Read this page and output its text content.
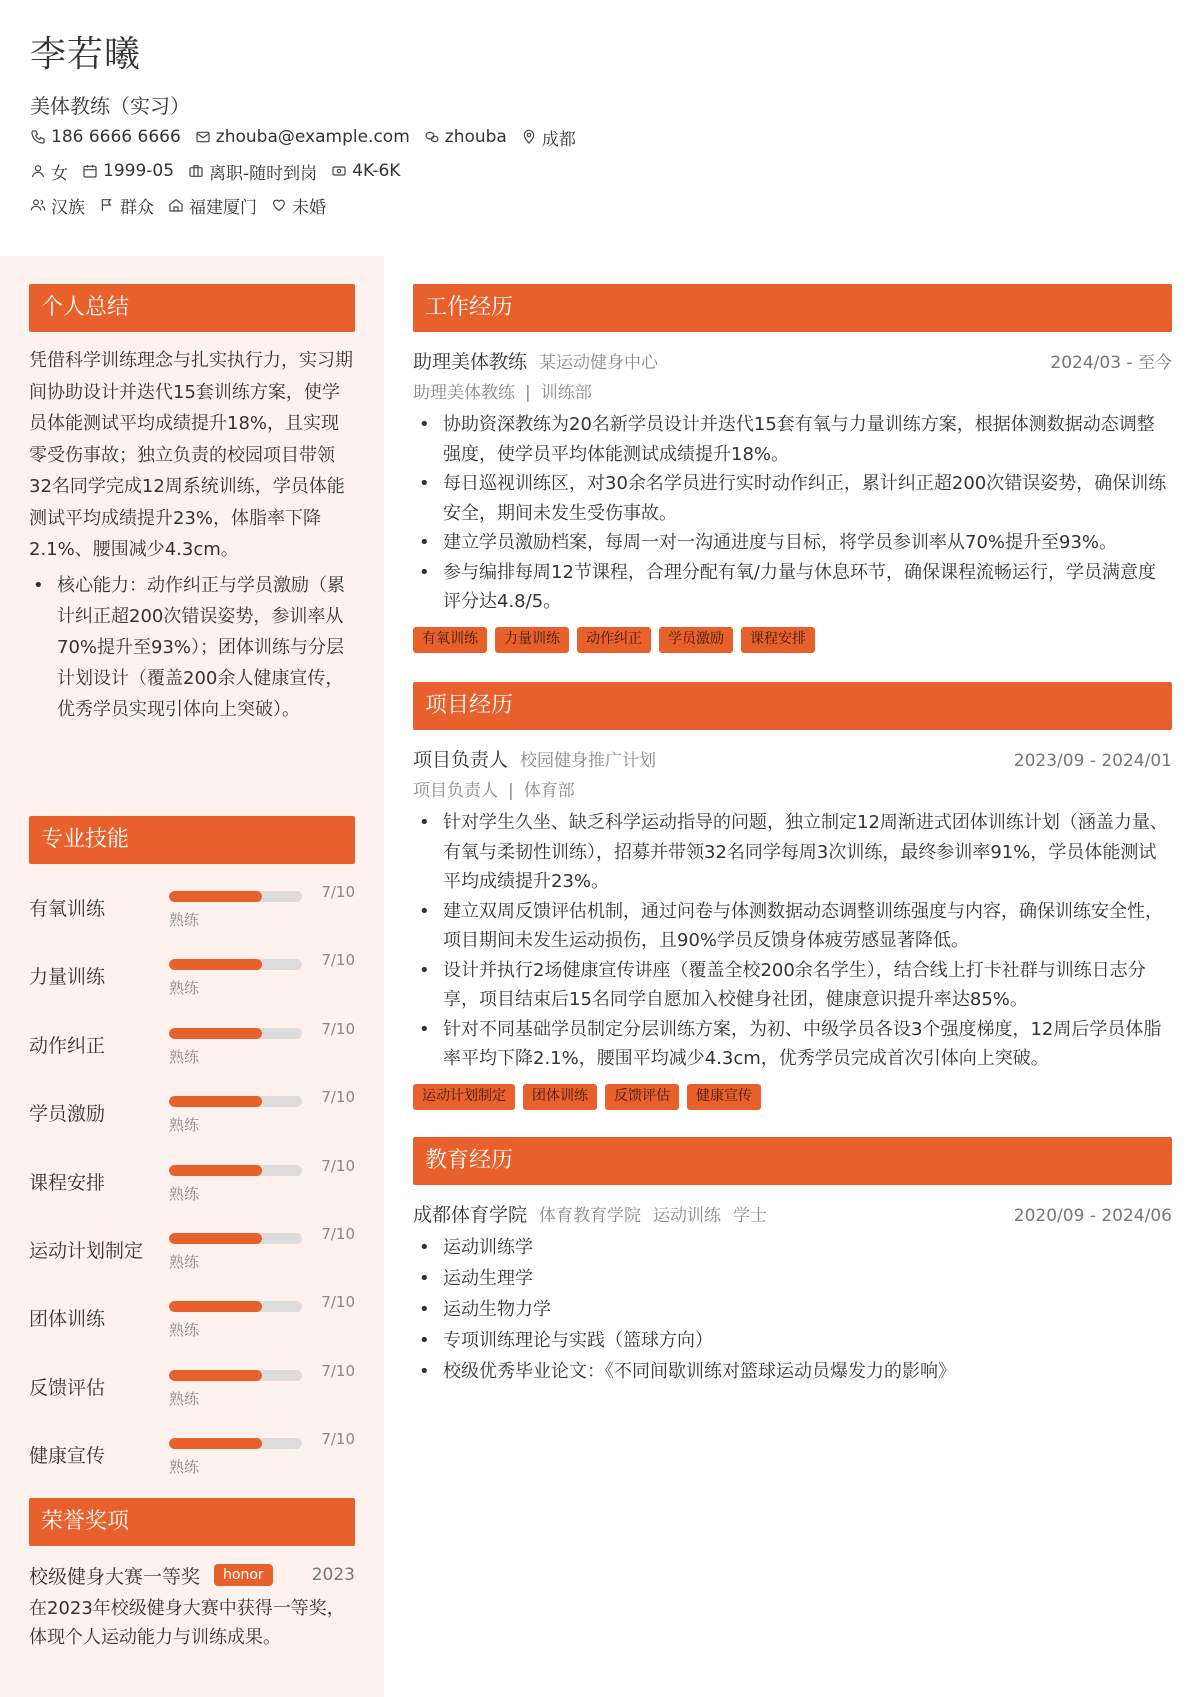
李若曦
美体教练（实习）
186 6666 6666 zhouba@example.com zhouba 成都
女 1999-05 离职-随时到岗 4K-6K
汉族 群众 福建厦门 未婚
个人总结
凭借科学训练理念与扎实执行力，实习期间协助设计并迭代15套训练方案，使学员体能测试平均成绩提升18%，且实现零受伤事故；独立负责的校园项目带领32名同学完成12周系统训练，学员体能测试平均成绩提升23%，体脂率下降2.1%、腰围减少4.3cm。
• 核心能力：动作纠正与学员激励（累计纠正超200次错误姿势，参训率从70%提升至93%）；团体训练与分层计划设计（覆盖200余人健康宣传，优秀学员实现引体向上突破）。
专业技能
有氧训练
7/10
熟练
力量训练
7/10
熟练
动作纠正
7/10
熟练
学员激励
7/10
熟练
课程安排
7/10
熟练
运动计划制定
7/10
熟练
团体训练
7/10
熟练
反馈评估
7/10
熟练
健康宣传
7/10
熟练
荣誉奖项
校级健身大赛一等奖	honor	2023
在2023年校级健身大赛中获得一等奖，体现个人运动能力与训练成果。
工作经历
助理美体教练 某运动健身中心	2024/03 - 至今
助理美体教练 | 训练部
• 协助资深教练为20名新学员设计并迭代15套有氧与力量训练方案，根据体测数据动态调整强度，使学员平均体能测试成绩提升18%。
• 每日巡视训练区，对30余名学员进行实时动作纠正，累计纠正超200次错误姿势，确保训练安全，期间未发生受伤事故。
• 建立学员激励档案，每周一对一沟通进度与目标，将学员参训率从70%提升至93%。
• 参与编排每周12节课程，合理分配有氧/力量与休息环节，确保课程流畅运行，学员满意度评分达4.8/5。
有氧训练	力量训练	动作纠正	学员激励	课程安排
项目经历
项目负责人 校园健身推广计划	2023/09 - 2024/01
项目负责人 | 体育部
• 针对学生久坐、缺乏科学运动指导的问题，独立制定12周渐进式团体训练计划（涵盖力量、有氧与柔韧性训练），招募并带领32名同学每周3次训练，最终参训率91%，学员体能测试平均成绩提升23%。
• 建立双周反馈评估机制，通过问卷与体测数据动态调整训练强度与内容，确保训练安全性，项目期间未发生运动损伤，且90%学员反馈身体疲劳感显著降低。
• 设计并执行2场健康宣传讲座（覆盖全校200余名学生），结合线上打卡社群与训练日志分享，项目结束后15名同学自愿加入校健身社团，健康意识提升率达85%。
• 针对不同基础学员制定分层训练方案，为初、中级学员各设3个强度梯度，12周后学员体脂率平均下降2.1%，腰围平均减少4.3cm，优秀学员完成首次引体向上突破。
运动计划制定	团体训练	反馈评估	健康宣传
教育经历
成都体育学院 体育教育学院 运动训练 学士	2020/09 - 2024/06
• 运动训练学
• 运动生理学
• 运动生物力学
• 专项训练理论与实践（篮球方向）
• 校级优秀毕业论文：《不同间歇训练对篮球运动员爆发力的影响》
